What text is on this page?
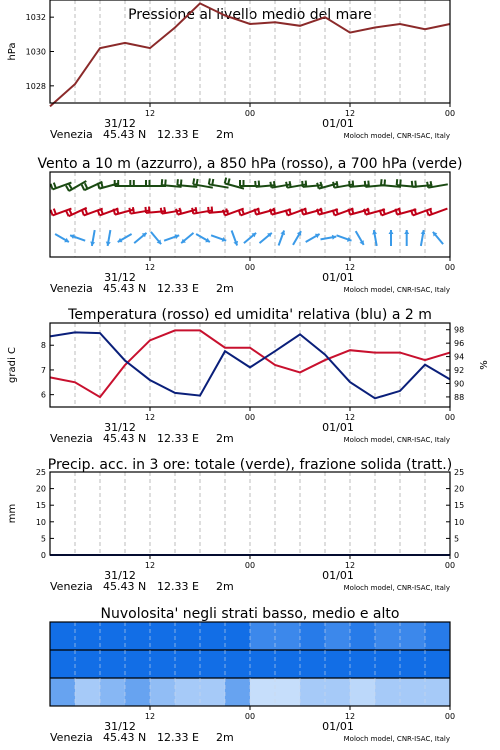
Pressione al livello medio del mare
12	00	12	00
31/12	01/01
Venezia 45.43 N 12.33 E 2m	Moloch model, CNR-ISAC, Italy
1028
1030
1032
hPa
Vento a 10 m (azzurro), a 850 hPa (rosso), a 700 hPa (verde)
12	00	12	00
31/12	01/01
Venezia 45.43 N 12.33 E 2m	Moloch model, CNR-ISAC, Italy
Temperatura (rosso) ed umidita' relativa (blu) a 2 m
12	00	12	00
31/12	01/01
Venezia 45.43 N 12.33 E 2m	Moloch model, CNR-ISAC, Italy
6
7
8
88
90
92
94
96
98
gradi C	%
Precip. acc. in 3 ore: totale (verde), frazione solida (tratt.)
12	00	12	00
31/12	01/01
Venezia 45.43 N 12.33 E 2m	Moloch model, CNR-ISAC, Italy
0
5
10
15
20
25
0
5
10
15
20
25
mm
Nuvolosita' negli strati basso, medio e alto
12	00	12	00
31/12	01/01
Venezia 45.43 N 12.33 E 2m	Moloch model, CNR-ISAC, Italy
